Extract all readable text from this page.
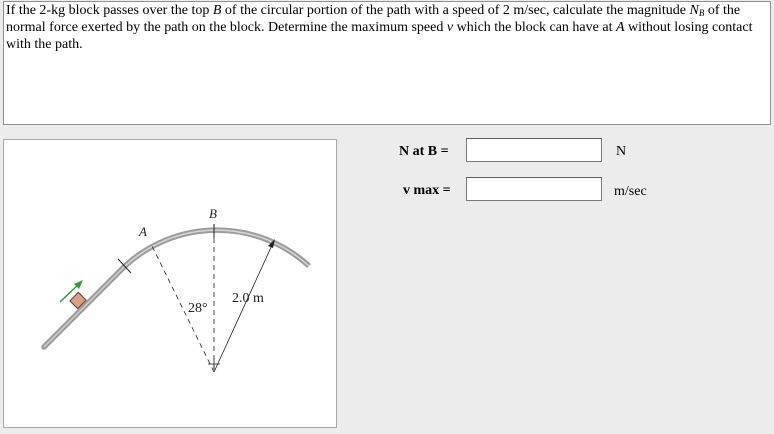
If the 2-kg block passes over the top B of the circular portion of the path with a speed of 2 m/sec, calculate the magnitude $N_B$ of the normal force exerted by the path on the block. Determine the maximum speed v which the block can have at A without losing contact with the path.
A
B
28°
2.0 m
N at B =	N
v max =	m/sec
